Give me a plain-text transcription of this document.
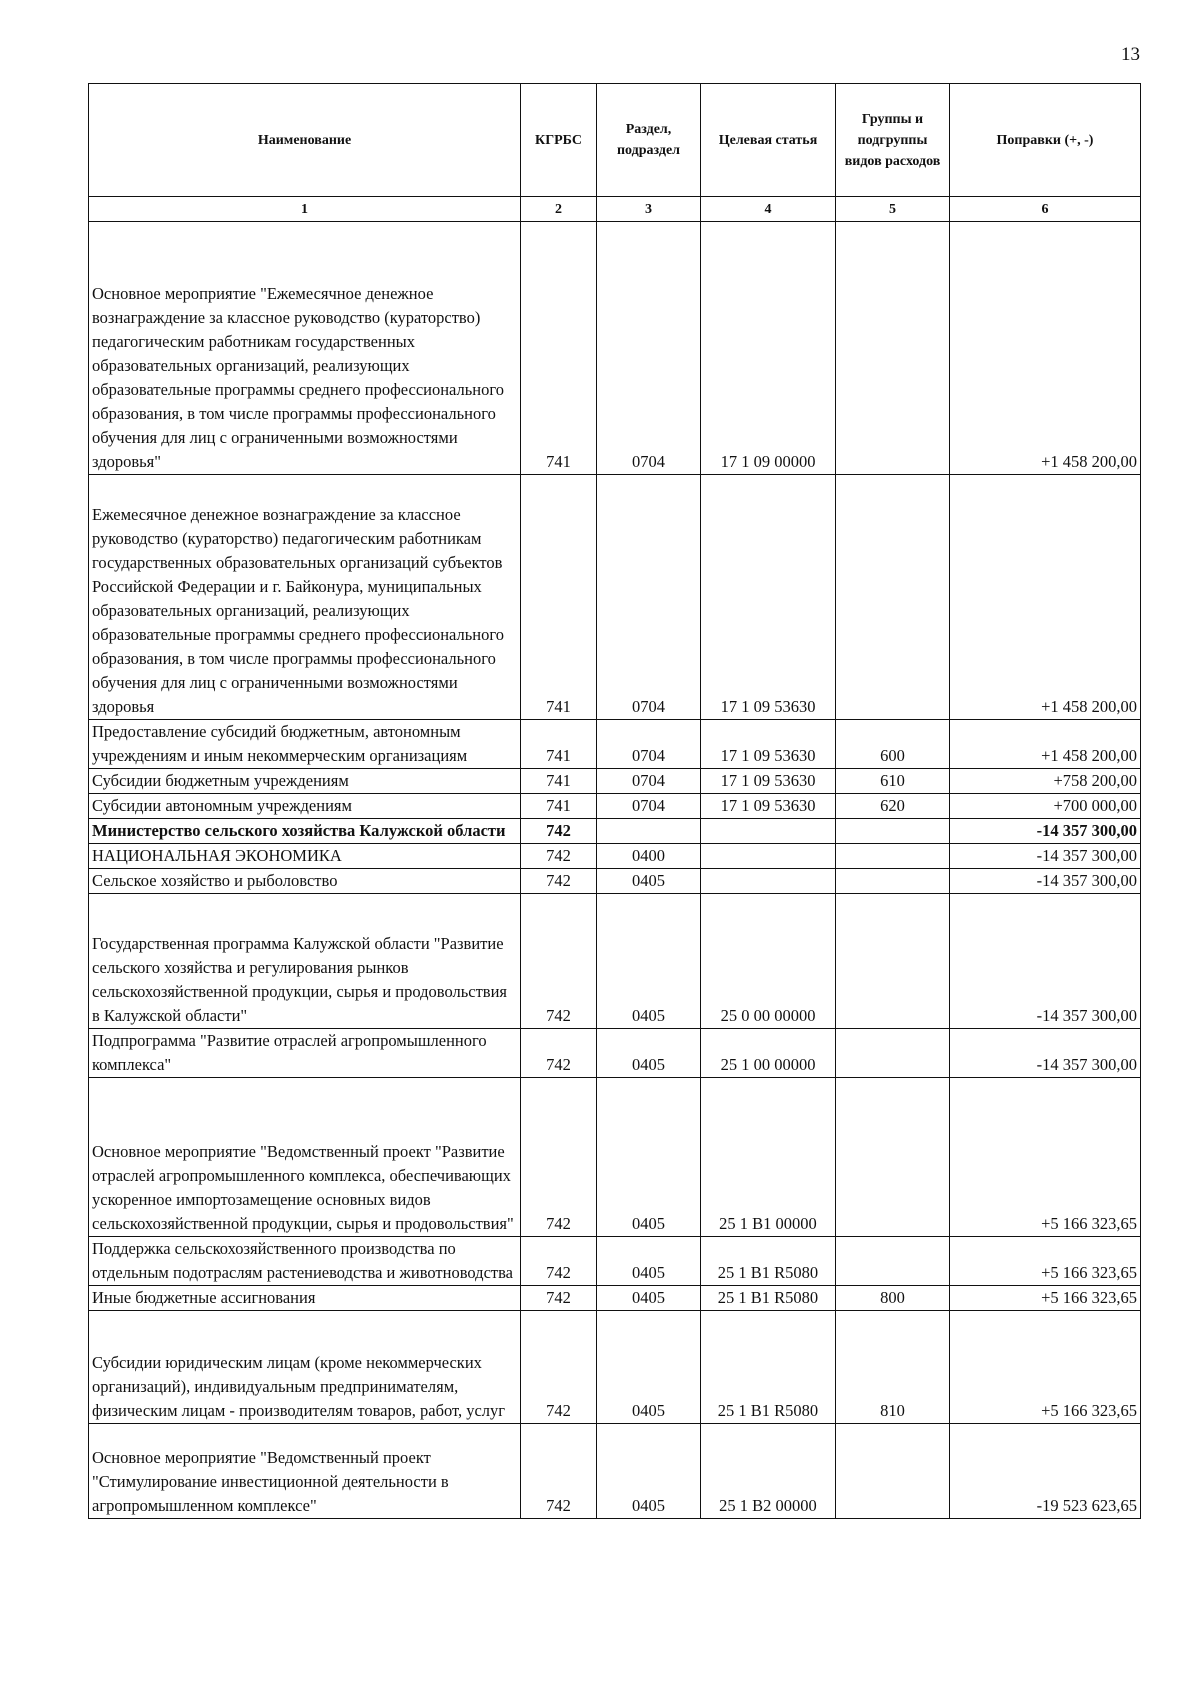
13
Наименование	КГРБС	Раздел, подраздел	Целевая статья	Группы и подгруппы видов расходов	Поправки (+, -)
1	2	3	4	5	6
Основное мероприятие "Ежемесячное денежное вознаграждение за классное руководство (кураторство) педагогическим работникам государственных образовательных организаций, реализующих образовательные программы среднего профессионального образования, в том числе программы профессионального обучения для лиц с ограниченными возможностями здоровья"	741	0704	17 1 09 00000		+1 458 200,00
Ежемесячное денежное вознаграждение за классное руководство (кураторство) педагогическим работникам государственных образовательных организаций субъектов Российской Федерации и г. Байконура, муниципальных образовательных организаций, реализующих образовательные программы среднего профессионального образования, в том числе программы профессионального обучения для лиц с ограниченными возможностями здоровья	741	0704	17 1 09 53630		+1 458 200,00
Предоставление субсидий бюджетным, автономным учреждениям и иным некоммерческим организациям	741	0704	17 1 09 53630	600	+1 458 200,00
Субсидии бюджетным учреждениям	741	0704	17 1 09 53630	610	+758 200,00
Субсидии автономным учреждениям	741	0704	17 1 09 53630	620	+700 000,00
Министерство сельского хозяйства Калужской области	742				-14 357 300,00
НАЦИОНАЛЬНАЯ ЭКОНОМИКА	742	0400			-14 357 300,00
Сельское хозяйство и рыболовство	742	0405			-14 357 300,00
Государственная программа Калужской области "Развитие сельского хозяйства и регулирования рынков сельскохозяйственной продукции, сырья и продовольствия в Калужской области"	742	0405	25 0 00 00000		-14 357 300,00
Подпрограмма "Развитие отраслей агропромышленного комплекса"	742	0405	25 1 00 00000		-14 357 300,00
Основное мероприятие "Ведомственный проект "Развитие отраслей агропромышленного комплекса, обеспечивающих ускоренное импортозамещение основных видов сельскохозяйственной продукции, сырья и продовольствия"	742	0405	25 1 В1 00000		+5 166 323,65
Поддержка сельскохозяйственного производства по отдельным подотраслям растениеводства и животноводства	742	0405	25 1 В1 R5080		+5 166 323,65
Иные бюджетные ассигнования	742	0405	25 1 В1 R5080	800	+5 166 323,65
Субсидии юридическим лицам (кроме некоммерческих организаций), индивидуальным предпринимателям, физическим лицам - производителям товаров, работ, услуг	742	0405	25 1 В1 R5080	810	+5 166 323,65
Основное мероприятие "Ведомственный проект "Стимулирование инвестиционной деятельности в агропромышленном комплексе"	742	0405	25 1 В2 00000		-19 523 623,65
